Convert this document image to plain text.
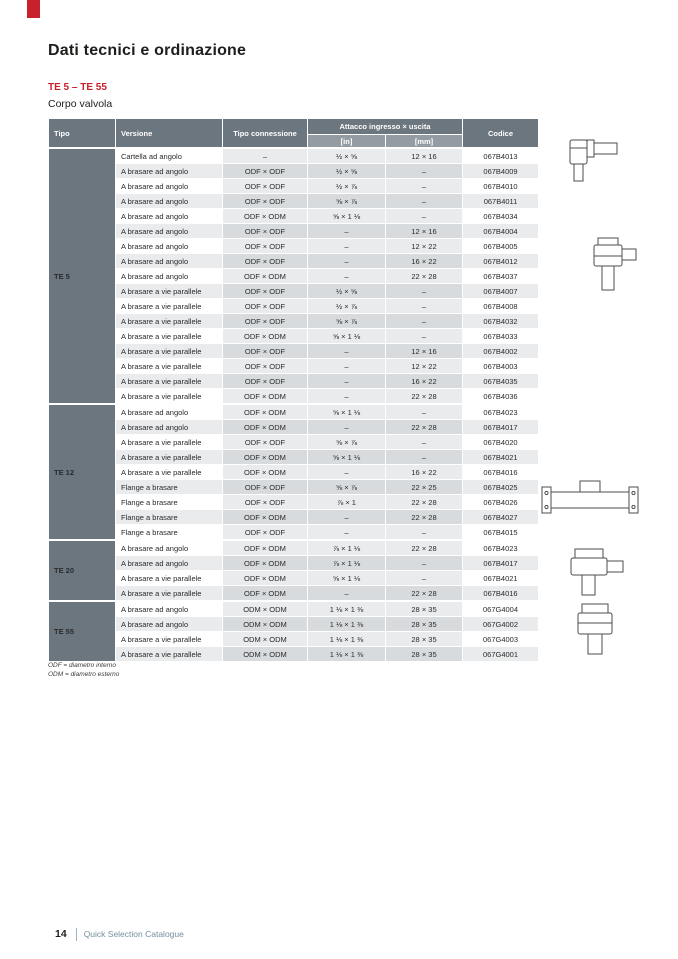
Dati tecnici e ordinazione
TE 5 – TE 55
Corpo valvola
Tipo	Versione	Tipo connessione	Attacco ingresso × uscita		Codice
			[in]	[mm]	
TE 5	Cartella ad angolo	–	½ × ⅝	12 × 16	067B4013
	A brasare ad angolo	ODF × ODF	½ × ⅝	–	067B4009
	A brasare ad angolo	ODF × ODF	½ × ⅞	–	067B4010
	A brasare ad angolo	ODF × ODF	⅝ × ⅞	–	067B4011
	A brasare ad angolo	ODF × ODM	⅝ × 1 ⅛	–	067B4034
	A brasare ad angolo	ODF × ODF	–	12 × 16	067B4004
	A brasare ad angolo	ODF × ODF	–	12 × 22	067B4005
	A brasare ad angolo	ODF × ODF	–	16 × 22	067B4012
	A brasare ad angolo	ODF × ODM	–	22 × 28	067B4037
	A brasare a vie parallele	ODF × ODF	½ × ⅝	–	067B4007
	A brasare a vie parallele	ODF × ODF	½ × ⅞	–	067B4008
	A brasare a vie parallele	ODF × ODF	⅝ × ⅞	–	067B4032
	A brasare a vie parallele	ODF × ODM	⅝ × 1 ⅛	–	067B4033
	A brasare a vie parallele	ODF × ODF	–	12 × 16	067B4002
	A brasare a vie parallele	ODF × ODF	–	12 × 22	067B4003
	A brasare a vie parallele	ODF × ODF	–	16 × 22	067B4035
	A brasare a vie parallele	ODF × ODM	–	22 × 28	067B4036
TE 12	A brasare ad angolo	ODF × ODM	⅝ × 1 ⅛	–	067B4023
	A brasare ad angolo	ODF × ODM	–	22 × 28	067B4017
	A brasare a vie parallele	ODF × ODF	⅝ × ⅞	–	067B4020
	A brasare a vie parallele	ODF × ODM	⅝ × 1 ⅛	–	067B4021
	A brasare a vie parallele	ODF × ODM	–	16 × 22	067B4016
	Flange a brasare	ODF × ODF	⅝ × ⅞	22 × 25	067B4025
	Flange a brasare	ODF × ODF	⅞ × 1	22 × 28	067B4026
	Flange a brasare	ODF × ODM	–	22 × 28	067B4027
	Flange a brasare	ODF × ODF	–	–	067B4015
TE 20	A brasare ad angolo	ODF × ODM	⅞ × 1 ⅛	22 × 28	067B4023
	A brasare ad angolo	ODF × ODM	⅞ × 1 ⅛	–	067B4017
	A brasare a vie parallele	ODF × ODM	⅝ × 1 ⅛	–	067B4021
	A brasare a vie parallele	ODF × ODM	–	22 × 28	067B4016
TE 55	A brasare ad angolo	ODM × ODM	1 ⅛ × 1 ⅜	28 × 35	067G4004
	A brasare ad angolo	ODM × ODM	1 ⅛ × 1 ⅜	28 × 35	067G4002
	A brasare a vie parallele	ODM × ODM	1 ⅛ × 1 ⅜	28 × 35	067G4003
	A brasare a vie parallele	ODM × ODM	1 ⅛ × 1 ⅜	28 × 35	067G4001
ODF = diametro interno
ODM = diametro esterno
14 Quick Selection Catalogue
